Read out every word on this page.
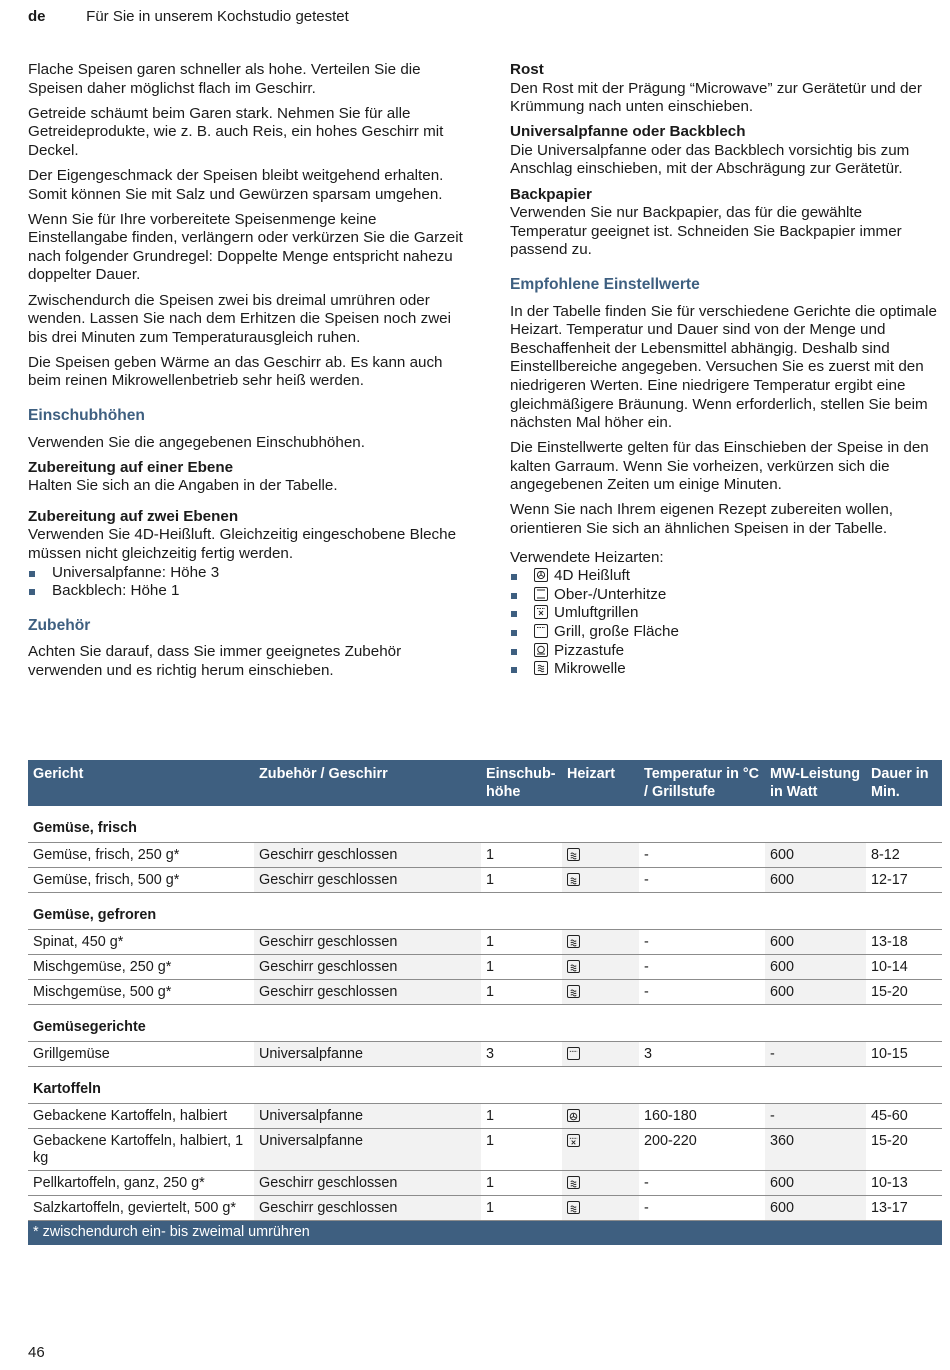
de	Für Sie in unserem Kochstudio getestet

Flache Speisen garen schneller als hohe. Verteilen Sie die Speisen daher möglichst flach im Geschirr.

Getreide schäumt beim Garen stark. Nehmen Sie für alle Getreideprodukte, wie z. B. auch Reis, ein hohes Geschirr mit Deckel.

Der Eigengeschmack der Speisen bleibt weitgehend erhalten. Somit können Sie mit Salz und Gewürzen sparsam umgehen.

Wenn Sie für Ihre vorbereitete Speisenmenge keine Einstellangabe finden, verlängern oder verkürzen Sie die Garzeit nach folgender Grundregel: Doppelte Menge entspricht nahezu doppelter Dauer.

Zwischendurch die Speisen zwei bis dreimal umrühren oder wenden. Lassen Sie nach dem Erhitzen die Speisen noch zwei bis drei Minuten zum Temperaturausgleich ruhen.

Die Speisen geben Wärme an das Geschirr ab. Es kann auch beim reinen Mikrowellenbetrieb sehr heiß werden.

Einschubhöhen

Verwenden Sie die angegebenen Einschubhöhen.

Zubereitung auf einer Ebene
Halten Sie sich an die Angaben in der Tabelle.
Zubereitung auf zwei Ebenen
Verwenden Sie 4D-Heißluft. Gleichzeitig eingeschobene Bleche müssen nicht gleichzeitig fertig werden.
Universalpfanne: Höhe 3
Backblech: Höhe 1
Zubehör

Achten Sie darauf, dass Sie immer geeignetes Zubehör verwenden und es richtig herum einschieben.

Rost
Den Rost mit der Prägung “Microwave” zur Gerätetür und der Krümmung nach unten einschieben.
Universalpfanne oder Backblech
Die Universalpfanne oder das Backblech vorsichtig bis zum Anschlag einschieben, mit der Abschrägung zur Gerätetür.
Backpapier
Verwenden Sie nur Backpapier, das für die gewählte Temperatur geeignet ist. Schneiden Sie Backpapier immer passend zu.
Empfohlene Einstellwerte

In der Tabelle finden Sie für verschiedene Gerichte die optimale Heizart. Temperatur und Dauer sind von der Menge und Beschaffenheit der Lebensmittel abhängig. Deshalb sind Einstellbereiche angegeben. Versuchen Sie es zuerst mit den niedrigeren Werten. Eine niedrigere Temperatur ergibt eine gleichmäßigere Bräunung. Wenn erforderlich, stellen Sie beim nächsten Mal höher ein.

Die Einstellwerte gelten für das Einschieben der Speise in den kalten Garraum. Wenn Sie vorheizen, verkürzen sich die angegebenen Zeiten um einige Minuten.

Wenn Sie nach Ihrem eigenen Rezept zubereiten wollen, orientieren Sie sich an ähnlichen Speisen in der Tabelle.

Verwendete Heizarten:
4D Heißluft
Ober-/Unterhitze
Umluftgrillen
Grill, große Fläche
Pizzastufe
Mikrowelle
Gericht	Zubehör / Geschirr	Einschub-höhe	Heizart	Temperatur in °C / Grillstufe	MW-Leistung in Watt	Dauer in Min.
Gemüse, frisch						
Gemüse, frisch, 250 g*	Geschirr geschlossen	1		-	600	8-12
Gemüse, frisch, 500 g*	Geschirr geschlossen	1		-	600	12-17
Gemüse, gefroren						
Spinat, 450 g*	Geschirr geschlossen	1		-	600	13-18
Mischgemüse, 250 g*	Geschirr geschlossen	1		-	600	10-14
Mischgemüse, 500 g*	Geschirr geschlossen	1		-	600	15-20
Gemüsegerichte						
Grillgemüse	Universalpfanne	3		3	-	10-15
Kartoffeln						
Gebackene Kartoffeln, halbiert	Universalpfanne	1		160-180	-	45-60
Gebackene Kartoffeln, halbiert, 1 kg	Universalpfanne	1		200-220	360	15-20
Pellkartoffeln, ganz, 250 g*	Geschirr geschlossen	1		-	600	10-13
Salzkartoffeln, geviertelt, 500 g*	Geschirr geschlossen	1		-	600	13-17
* zwischendurch ein- bis zweimal umrühren						
46
